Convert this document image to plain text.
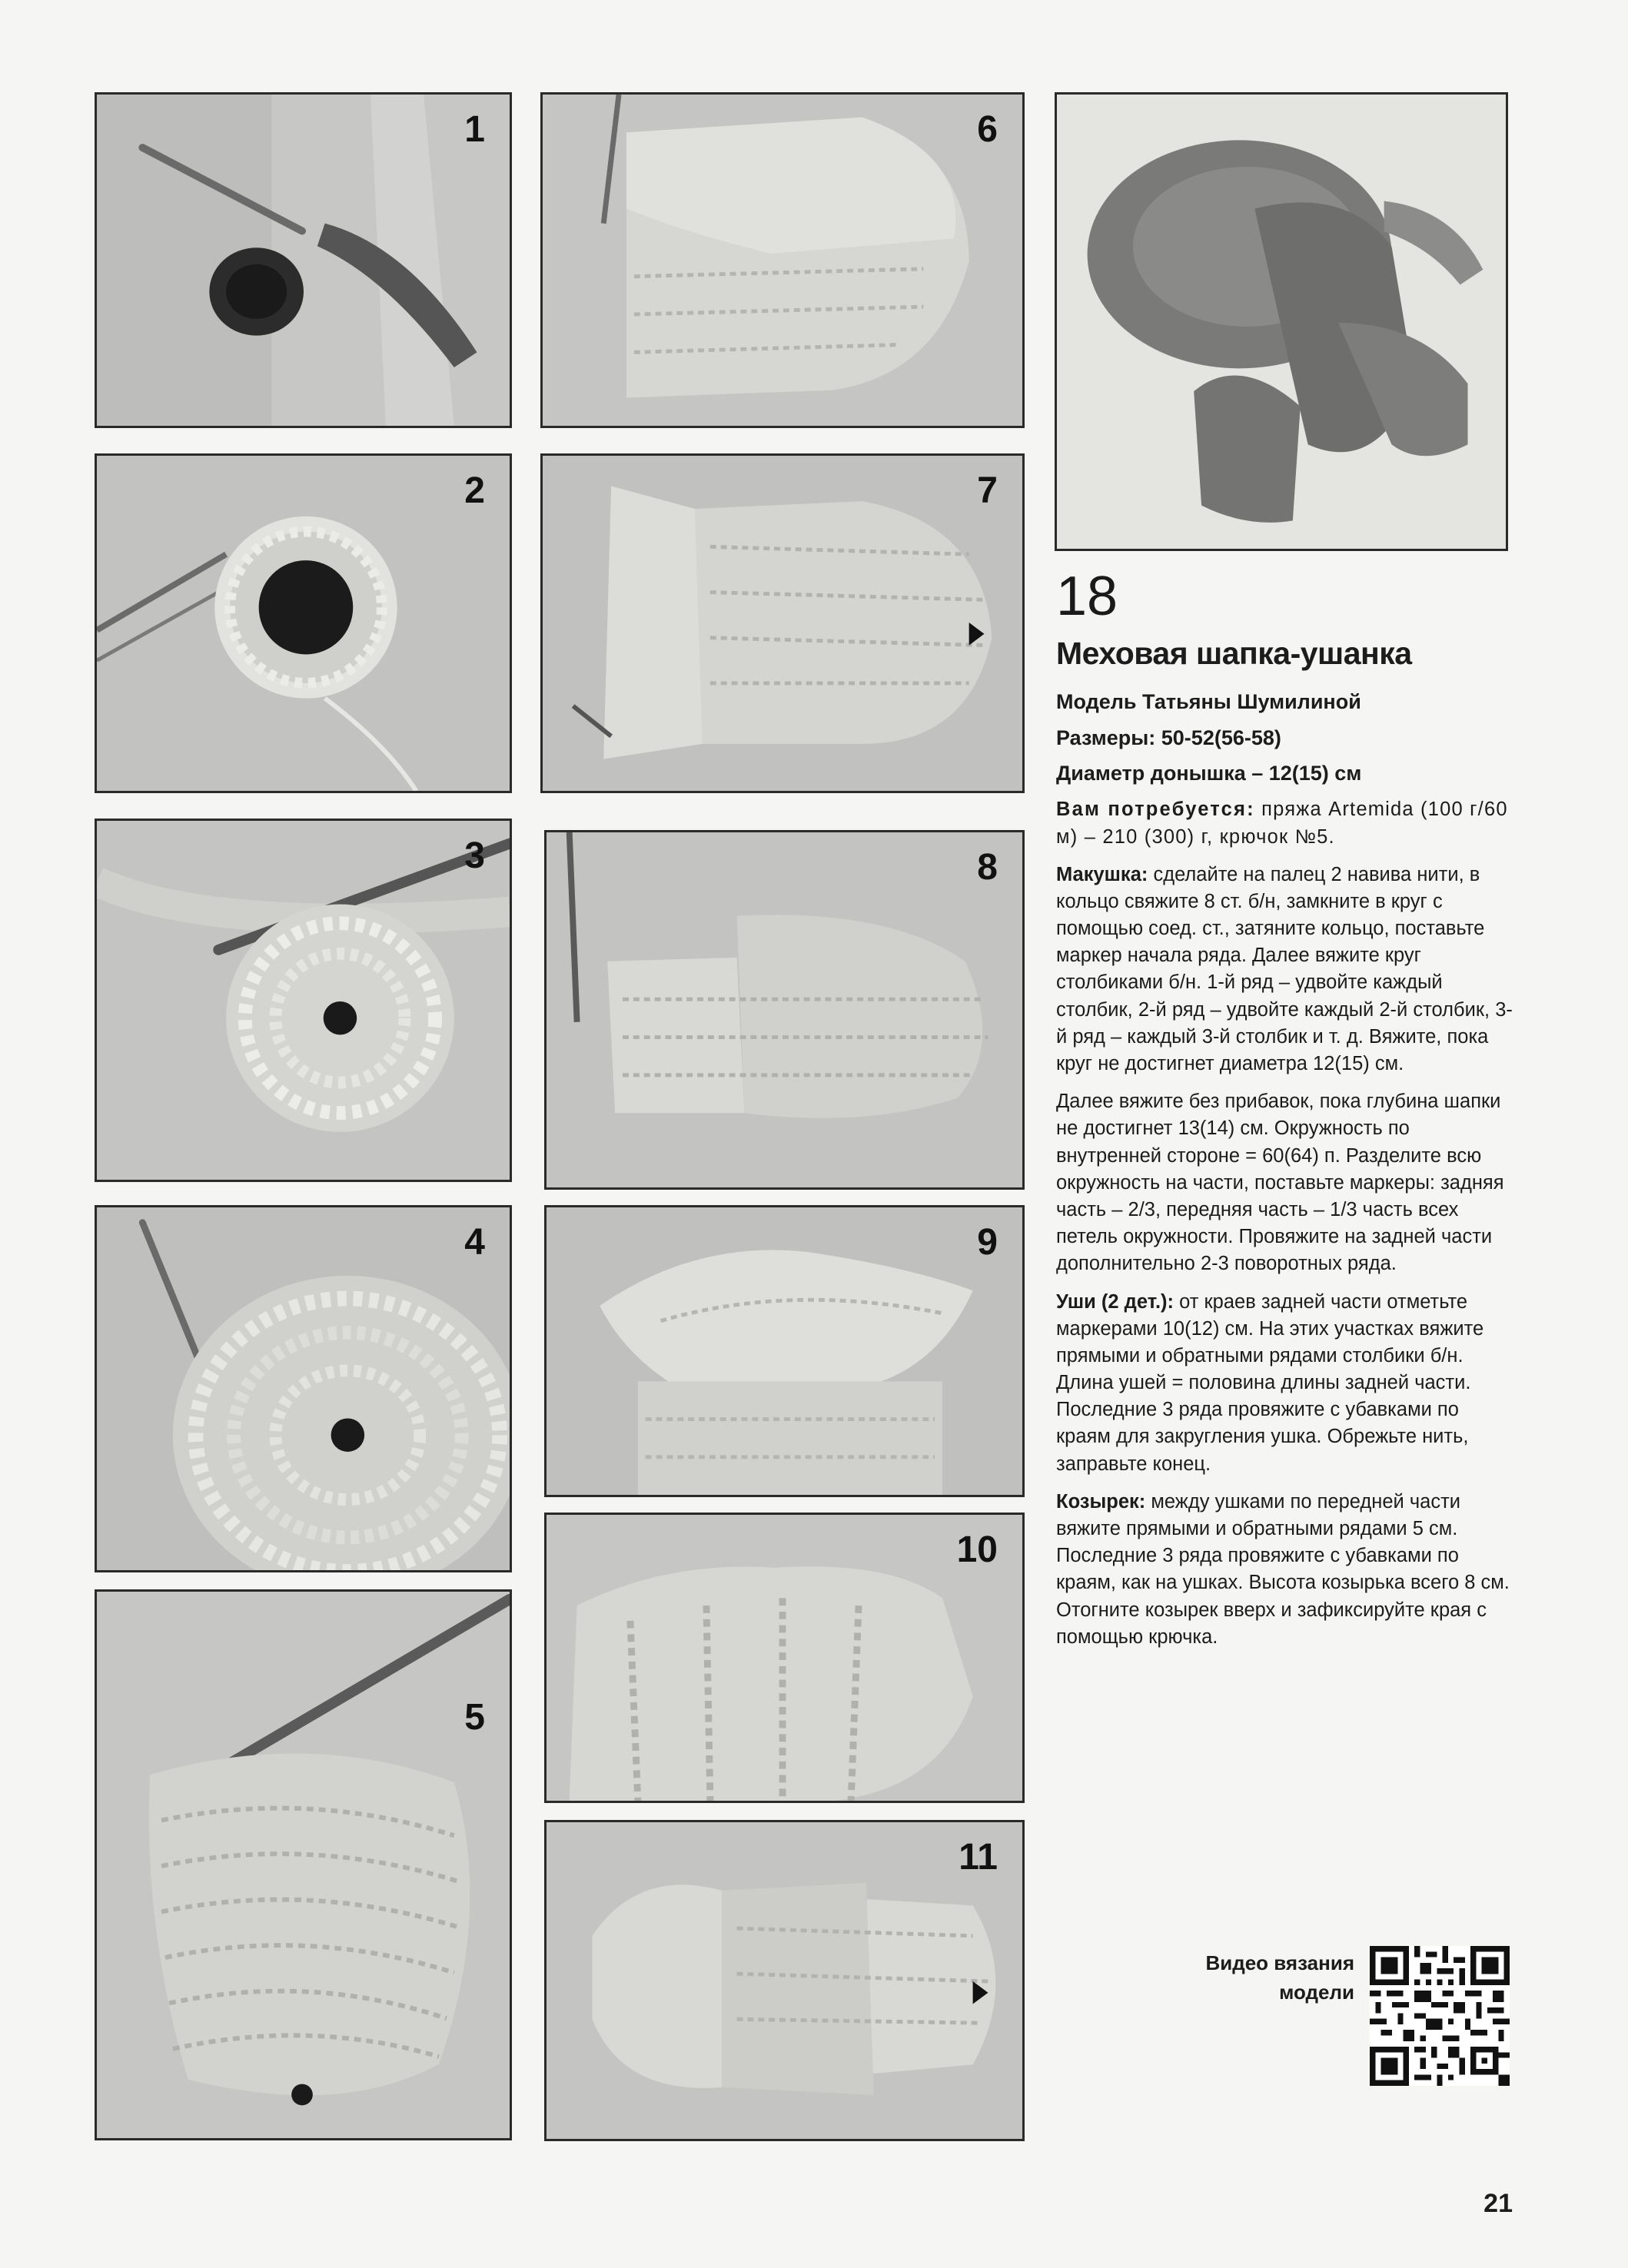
1
2
3
4
5
6
7
8
9
10
11
18
Меховая шапка-ушанка
Модель Татьяны Шумилиной
Размеры: 50-52(56-58)
Диаметр донышка – 12(15) см
Вам потребуется: пряжа Artemida (100 г/60 м) – 210 (300) г, крючок №5.
Макушка: сделайте на палец 2 навива нити, в кольцо свяжите 8 ст. б/н, замкните в круг с помощью соед. ст., затяните кольцо, поставьте маркер начала ряда. Далее вяжите круг столбиками б/н. 1-й ряд – удвойте каждый столбик, 2-й ряд – удвойте каждый 2-й столбик, 3-й ряд – каждый 3-й столбик и т. д. Вяжите, пока круг не достигнет диаметра 12(15) см.
Далее вяжите без прибавок, пока глубина шапки не достигнет 13(14) см. Окружность по внутренней стороне = 60(64) п. Разделите всю окружность на части, поставьте маркеры: задняя часть – 2/3, передняя часть – 1/3 часть всех петель окружности. Провяжите на задней части дополнительно 2-3 поворотных ряда.
Уши (2 дет.): от краев задней части отметьте маркерами 10(12) см. На этих участках вяжите прямыми и обратными рядами столбики б/н. Длина ушей = половина длины задней части. Последние 3 ряда провяжите с убавками по краям для закругления ушка. Обрежьте нить, заправьте конец.
Козырек: между ушками по передней части вяжите прямыми и обратными рядами 5 см. Последние 3 ряда провяжите с убавками по краям, как на ушках. Высота козырька всего 8 см. Отогните козырек вверх и зафиксируйте края с помощью крючка.
Видео вязания
модели
21
